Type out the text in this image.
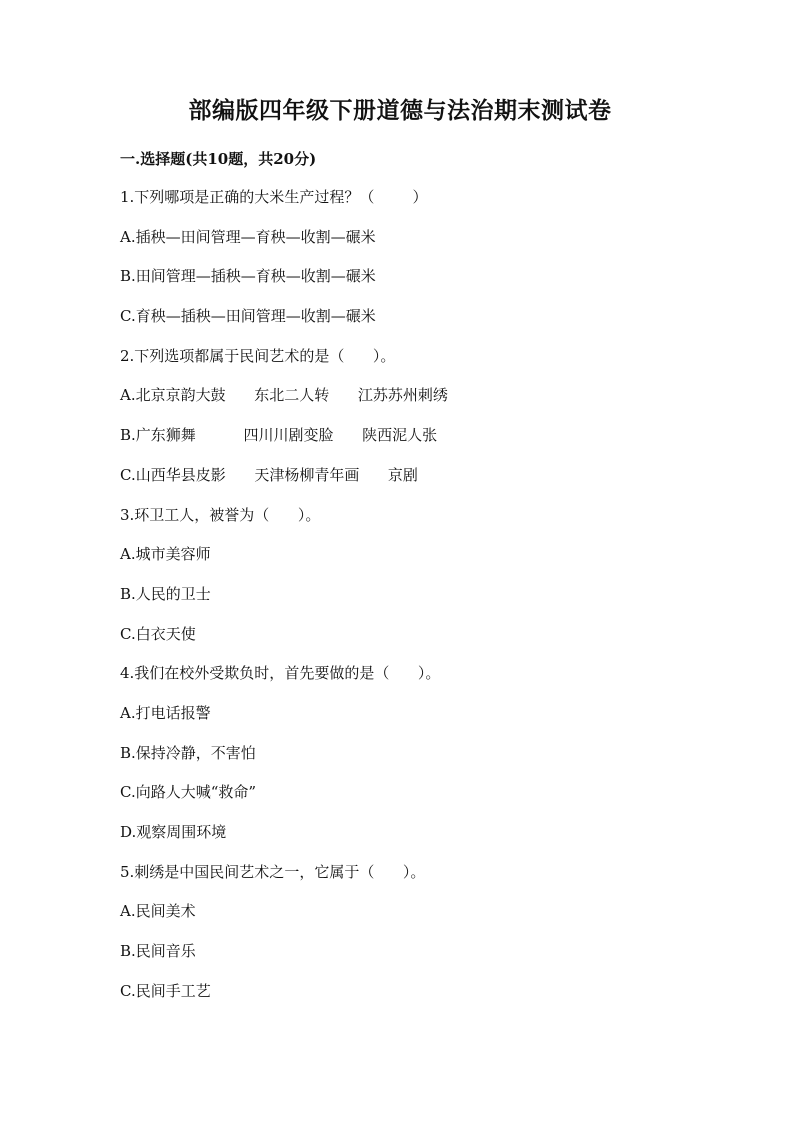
部编版四年级下册道德与法治期末测试卷
一.选择题(共10题，共20分)
1.下列哪项是正确的大米生产过程？（        ）
A.插秧—田间管理—育秧—收割—碾米
B.田间管理—插秧—育秧—收割—碾米
C.育秧—插秧—田间管理—收割—碾米
2.下列选项都属于民间艺术的是（      ）。
A.北京京韵大鼓      东北二人转      江苏苏州刺绣
B.广东狮舞          四川川剧变脸      陕西泥人张
C.山西华县皮影      天津杨柳青年画      京剧
3.环卫工人，被誉为（      ）。
A.城市美容师
B.人民的卫士
C.白衣天使
4.我们在校外受欺负时，首先要做的是（      ）。
A.打电话报警
B.保持冷静，不害怕
C.向路人大喊“救命”
D.观察周围环境
5.刺绣是中国民间艺术之一，它属于（      ）。
A.民间美术
B.民间音乐
C.民间手工艺
